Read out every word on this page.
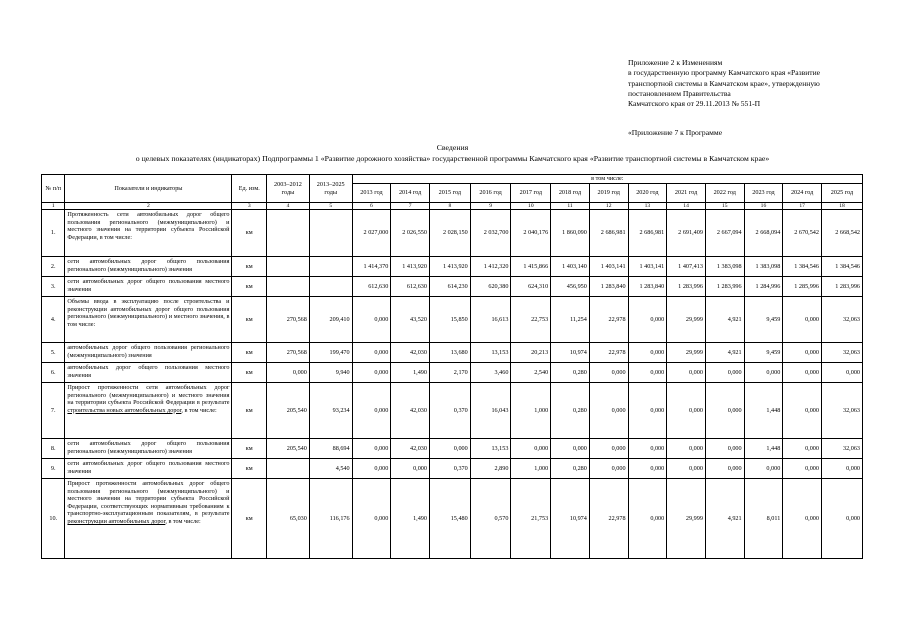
Приложение 2 к Изменениям
в государственную программу Камчатского края «Развитие
транспортной системы в Камчатском крае», утвержденную
постановлением Правительства
Камчатского края от 29.11.2013 № 551-П
«Приложение 7 к Программе
Сведения
о целевых показателях (индикаторах) Подпрограммы 1 «Развитие дорожного хозяйства» государственной программы Камчатского края «Развитие транспортной системы в Камчатском крае»
№ п/п	Показатели и индикаторы	Ед. изм.	2003–2012 годы	2013–2025 годы	в том числе:												
					2013 год	2014 год	2015 год	2016 год	2017 год	2018 год	2019 год	2020 год	2021 год	2022 год	2023 год	2024 год	2025 год
1	2	3	4	5	6	7	8	9	10	11	12	13	14	15	16	17	18
1.	Протяженность сети автомобильных дорог общего пользования регионального (межмуниципального) и местного значения на территории субъекта Российской Федерации, в том числе:	км			2 027,000	2 026,550	2 028,150	2 032,700	2 040,176	1 860,090	2 686,981	2 686,981	2 691,409	2 667,094	2 668,094	2 670,542	2 668,542
2.	сети автомобильных дорог общего пользования регионального (межмуниципального) значения	км			1 414,370	1 413,920	1 413,920	1 412,320	1 415,866	1 403,140	1 403,141	1 403,141	1 407,413	1 383,098	1 383,098	1 384,546	1 384,546
3.	сети автомобильных дорог общего пользования местного значения	км			612,630	612,630	614,230	620,380	624,310	456,950	1 283,840	1 283,840	1 283,996	1 283,996	1 284,996	1 285,996	1 283,996
4.	Объемы ввода в эксплуатацию после строительства и реконструкции автомобильных дорог общего пользования регионального (межмуниципального) и местного значения, в том числе:	км	270,568	209,410	0,000	43,520	15,850	16,613	22,753	11,254	22,978	0,000	29,999	4,921	9,459	0,000	32,063
5.	автомобильных дорог общего пользования регионального (межмуниципального) значения	км	270,568	199,470	0,000	42,030	13,680	13,153	20,213	10,974	22,978	0,000	29,999	4,921	9,459	0,000	32,063
6.	автомобильных дорог общего пользования местного значения	км	0,000	9,940	0,000	1,490	2,170	3,460	2,540	0,280	0,000	0,000	0,000	0,000	0,000	0,000	0,000
7.	Прирост протяженности сети автомобильных дорог регионального (межмуниципального) и местного значения на территории субъекта Российской Федерации в результате строительства новых автомобильных дорог, в том числе:	км	205,540	93,234	0,000	42,030	0,370	16,043	1,000	0,280	0,000	0,000	0,000	0,000	1,448	0,000	32,063
8.	сети автомобильных дорог общего пользования регионального (межмуниципального) значения	км	205,540	88,694	0,000	42,030	0,000	13,153	0,000	0,000	0,000	0,000	0,000	0,000	1,448	0,000	32,063
9.	сети автомобильных дорог общего пользования местного значения	км		4,540	0,000	0,000	0,370	2,890	1,000	0,280	0,000	0,000	0,000	0,000	0,000	0,000	0,000
10.	Прирост протяженности автомобильных дорог общего пользования регионального (межмуниципального) и местного значения на территории субъекта Российской Федерации, соответствующих нормативным требованиям к транспортно-эксплуатационным показателям, в результате реконструкции автомобильных дорог, в том числе:	км	65,030	116,176	0,000	1,490	15,480	0,570	21,753	10,974	22,978	0,000	29,999	4,921	8,011	0,000	0,000
